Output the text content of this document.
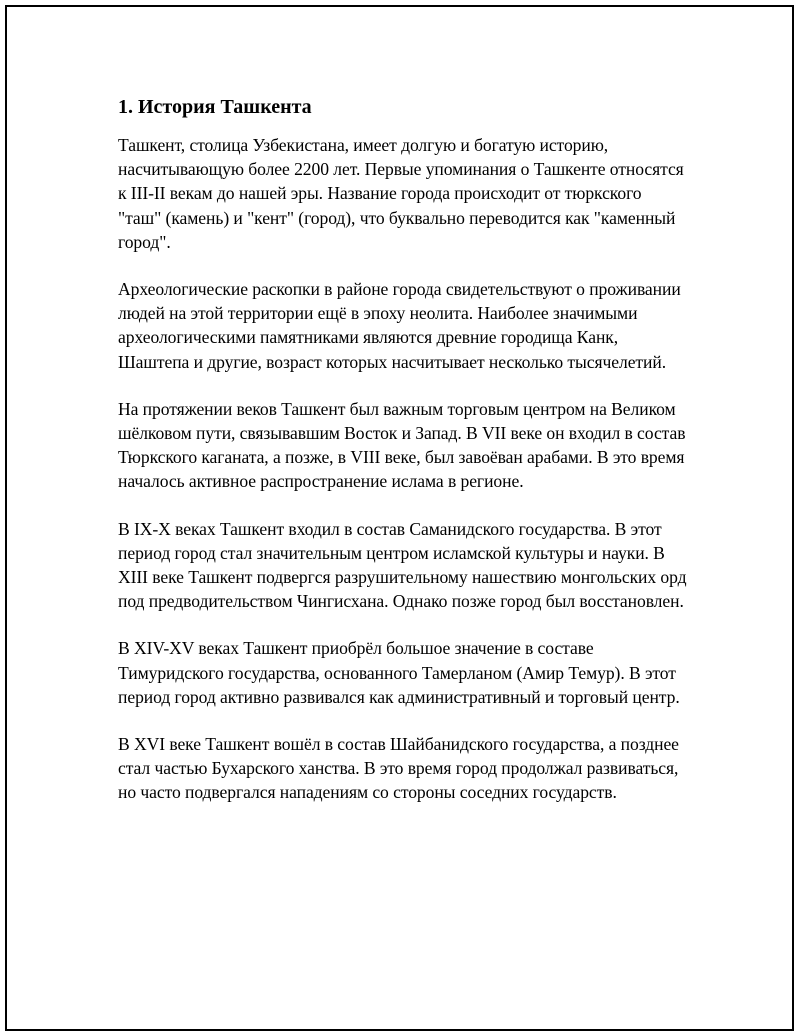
1. История Ташкента

Ташкент, столица Узбекистана, имеет долгую и богатую историю, насчитывающую более 2200 лет. Первые упоминания о Ташкенте относятся к III-II векам до нашей эры. Название города происходит от тюркского "таш" (камень) и "кент" (город), что буквально переводится как "каменный город".

Археологические раскопки в районе города свидетельствуют о проживании людей на этой территории ещё в эпоху неолита. Наиболее значимыми археологическими памятниками являются древние городища Канк, Шаштепа и другие, возраст которых насчитывает несколько тысячелетий.

На протяжении веков Ташкент был важным торговым центром на Великом шёлковом пути, связывавшим Восток и Запад. В VII веке он входил в состав Тюркского каганата, а позже, в VIII веке, был завоёван арабами. В это время началось активное распространение ислама в регионе.

В IX-X веках Ташкент входил в состав Саманидского государства. В этот период город стал значительным центром исламской культуры и науки. В XIII веке Ташкент подвергся разрушительному нашествию монгольских орд под предводительством Чингисхана. Однако позже город был восстановлен.

В XIV-XV веках Ташкент приобрёл большое значение в составе Тимуридского государства, основанного Тамерланом (Амир Темур). В этот период город активно развивался как административный и торговый центр.

В XVI веке Ташкент вошёл в состав Шайбанидского государства, а позднее стал частью Бухарского ханства. В это время город продолжал развиваться, но часто подвергался нападениям со стороны соседних государств.
